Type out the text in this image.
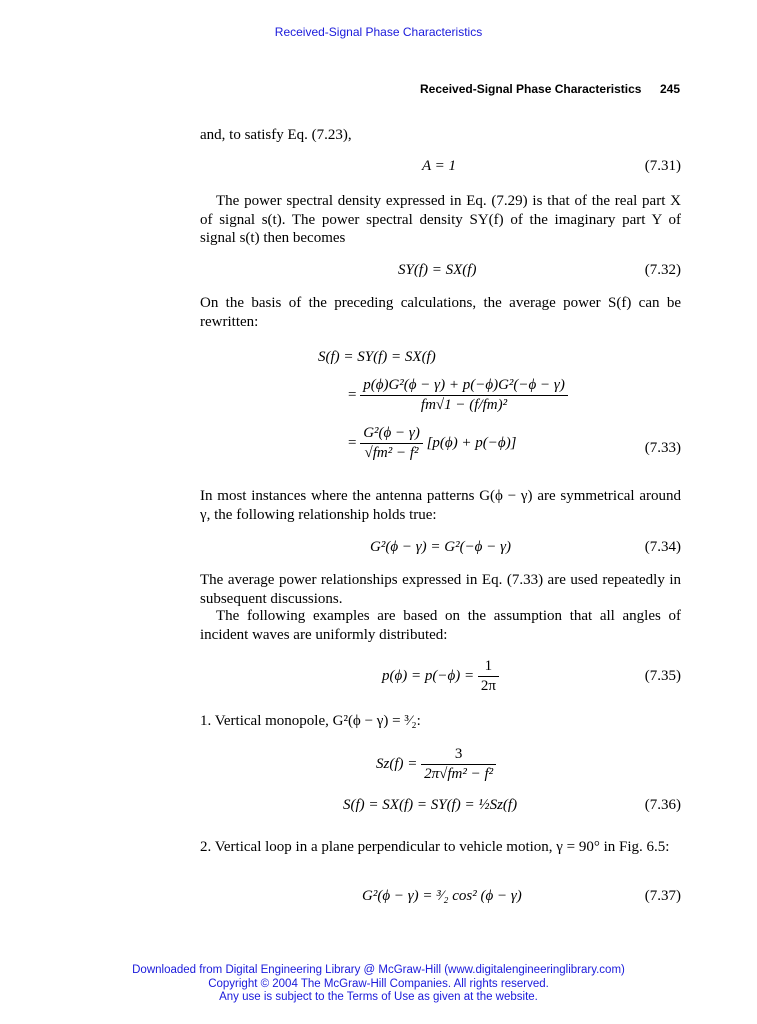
Received-Signal Phase Characteristics
Received-Signal Phase Characteristics 245
and, to satisfy Eq. (7.23),
A = 1	(7.31)
The power spectral density expressed in Eq. (7.29) is that of the real part X of signal s(t). The power spectral density SY(f) of the imaginary part Y of signal s(t) then becomes
SY(f) = SX(f)	(7.32)
On the basis of the preceding calculations, the average power S(f) can be rewritten:
S(f) = SY(f) = SX(f)
= $\frac{\text{p(ϕ)G²(ϕ − γ) + p(−ϕ)G²(−ϕ − γ)}}{\text{fm√1 − (f/fm)²}}$
= $\frac{\text{G²(ϕ − γ)}}{\text{√fm² − f²}} [p(\phi) + p(-\phi)]$	(7.33)
In most instances where the antenna patterns G(ϕ − γ) are symmetrical around γ, the following relationship holds true:
G²(ϕ − γ) = G²(−ϕ − γ)	(7.34)
The average power relationships expressed in Eq. (7.33) are used repeatedly in subsequent discussions.
The following examples are based on the assumption that all angles of incident waves are uniformly distributed:
$p(\phi) = p(-\phi) = \frac{1}{2\pi}$	(7.35)
1. Vertical monopole, G²(ϕ − γ) = ³⁄₂:
$Sz(f) = \frac{3}{\text{2π√fm² − f²}}$
S(f) = SX(f) = SY(f) = ½Sz(f)	(7.36)
2. Vertical loop in a plane perpendicular to vehicle motion, γ = 90° in Fig. 6.5:
G²(ϕ − γ) = ³⁄₂ cos² (ϕ − γ)	(7.37)
Downloaded from Digital Engineering Library @ McGraw-Hill (www.digitalengineeringlibrary.com)
Copyright © 2004 The McGraw-Hill Companies. All rights reserved.
Any use is subject to the Terms of Use as given at the website.
